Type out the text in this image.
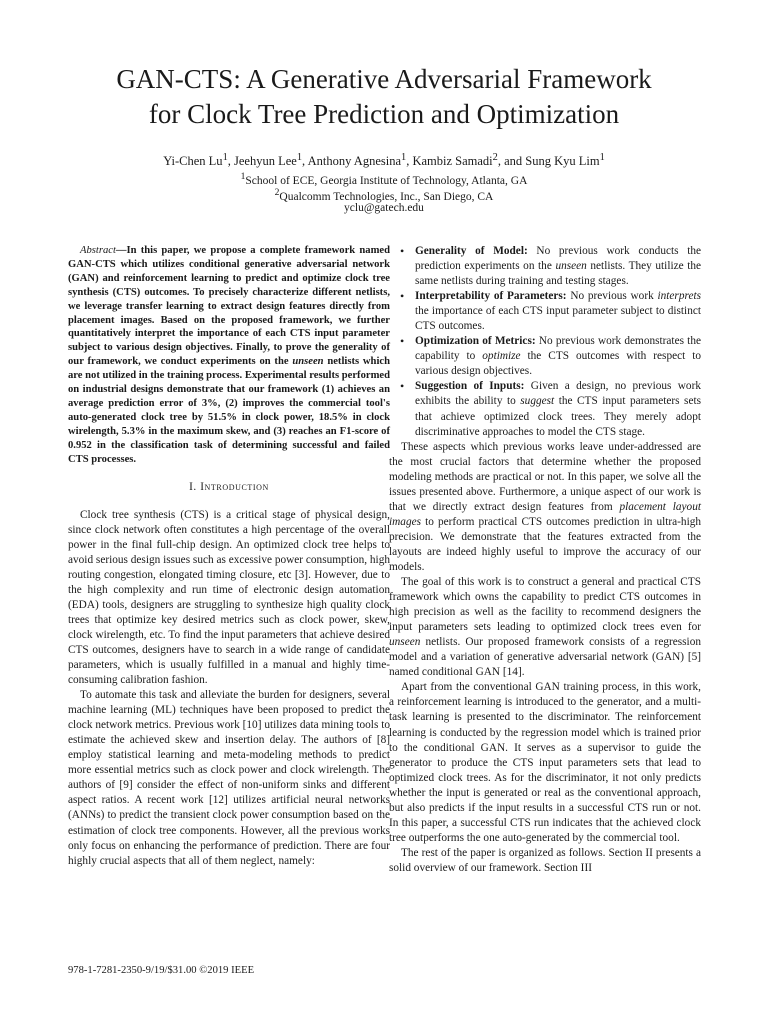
GAN-CTS: A Generative Adversarial Framework
for Clock Tree Prediction and Optimization
Yi-Chen Lu$^1$, Jeehyun Lee$^1$, Anthony Agnesina$^1$, Kambiz Samadi$^2$, and Sung Kyu Lim$^1$
$^1$School of ECE, Georgia Institute of Technology, Atlanta, GA
$^2$Qualcomm Technologies, Inc., San Diego, CA
yclu@gatech.edu

Abstract—In this paper, we propose a complete framework named GAN-CTS which utilizes conditional generative adversarial network (GAN) and reinforcement learning to predict and optimize clock tree synthesis (CTS) outcomes. To precisely characterize different netlists, we leverage transfer learning to extract design features directly from placement images. Based on the proposed framework, we further quantitatively interpret the importance of each CTS input parameter subject to various design objectives. Finally, to prove the generality of our framework, we conduct experiments on the unseen netlists which are not utilized in the training process. Experimental results performed on industrial designs demonstrate that our framework (1) achieves an average prediction error of 3%, (2) improves the commercial tool's auto-generated clock tree by 51.5% in clock power, 18.5% in clock wirelength, 5.3% in the maximum skew, and (3) reaches an F1-score of 0.952 in the classification task of determining successful and failed CTS processes.

I. Introduction

Clock tree synthesis (CTS) is a critical stage of physical design, since clock network often constitutes a high percentage of the overall power in the final full-chip design. An optimized clock tree helps to avoid serious design issues such as excessive power consumption, high routing congestion, elongated timing closure, etc [3]. However, due to the high complexity and run time of electronic design automation (EDA) tools, designers are struggling to synthesize high quality clock trees that optimize key desired metrics such as clock power, skew, clock wirelength, etc. To find the input parameters that achieve desired CTS outcomes, designers have to search in a wide range of candidate parameters, which is usually fulfilled in a manual and highly time-consuming calibration fashion.

To automate this task and alleviate the burden for designers, several machine learning (ML) techniques have been proposed to predict the clock network metrics. Previous work [10] utilizes data mining tools to estimate the achieved skew and insertion delay. The authors of [8] employ statistical learning and meta-modeling methods to predict more essential metrics such as clock power and clock wirelength. The authors of [9] consider the effect of non-uniform sinks and different aspect ratios. A recent work [12] utilizes artificial neural networks (ANNs) to predict the transient clock power consumption based on the estimation of clock tree components. However, all the previous works only focus on enhancing the performance of prediction. There are four highly crucial aspects that all of them neglect, namely:

• Generality of Model: No previous work conducts the prediction experiments on the unseen netlists. They utilize the same netlists during training and testing stages.
• Interpretability of Parameters: No previous work interprets the importance of each CTS input parameter subject to distinct CTS outcomes.
• Optimization of Metrics: No previous work demonstrates the capability to optimize the CTS outcomes with respect to various design objectives.
• Suggestion of Inputs: Given a design, no previous work exhibits the ability to suggest the CTS input parameters sets that achieve optimized clock trees. They merely adopt discriminative approaches to model the CTS stage.

These aspects which previous works leave under-addressed are the most crucial factors that determine whether the proposed modeling methods are practical or not. In this paper, we solve all the issues presented above. Furthermore, a unique aspect of our work is that we directly extract design features from placement layout images to perform practical CTS outcomes prediction in ultra-high precision. We demonstrate that the features extracted from the layouts are indeed highly useful to improve the accuracy of our models.

The goal of this work is to construct a general and practical CTS framework which owns the capability to predict CTS outcomes in high precision as well as the facility to recommend designers the input parameters sets leading to optimized clock trees even for unseen netlists. Our proposed framework consists of a regression model and a variation of generative adversarial network (GAN) [5] named conditional GAN [14].

Apart from the conventional GAN training process, in this work, a reinforcement learning is introduced to the generator, and a multi-task learning is presented to the discriminator. The reinforcement learning is conducted by the regression model which is trained prior to the conditional GAN. It serves as a supervisor to guide the generator to produce the CTS input parameters sets that lead to optimized clock trees. As for the discriminator, it not only predicts whether the input is generated or real as the conventional approach, but also predicts if the input results in a successful CTS run or not. In this paper, a successful CTS run indicates that the achieved clock tree outperforms the one auto-generated by the commercial tool.

The rest of the paper is organized as follows. Section II presents a solid overview of our framework. Section III

978-1-7281-2350-9/19/$31.00 ©2019 IEEE
